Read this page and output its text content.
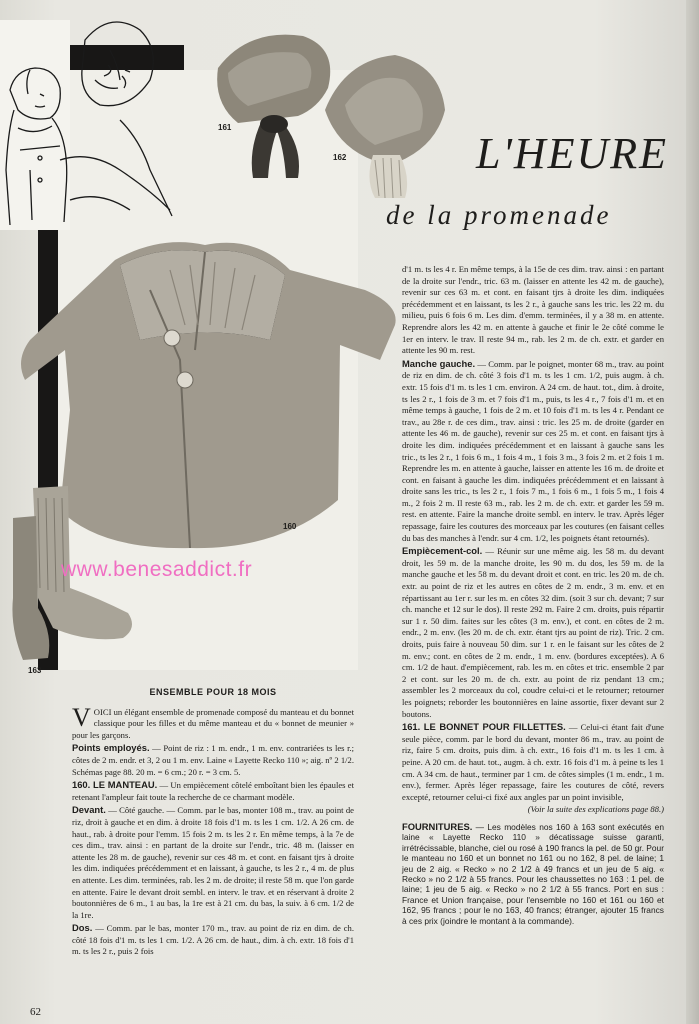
161
162
160
163
www.benesaddict.fr
L'HEURE
de la promenade

d'1 m. ts les 4 r. En même temps, à la 15e de ces dim. trav. ainsi : en partant de la droite sur l'endr., tric. 63 m. (laisser en attente les 42 m. de gauche), revenir sur ces 63 m. et cont. en faisant tjrs à droite les dim. indiquées précédemment et en laissant, ts les 2 r., à gauche sans les tric. les 22 m. du milieu, puis 6 fois 6 m. Les dim. d'emm. terminées, il y a 38 m. en attente. Reprendre alors les 42 m. en attente à gauche et finir le 2e côté comme le 1er en interv. le trav. Il reste 94 m., rab. les 2 m. de ch. extr. et garder en attente les 90 m. rest.

Manche gauche. — Comm. par le poignet, monter 68 m., trav. au point de riz en dim. de ch. côté 3 fois d'1 m. ts les 1 cm. 1/2, puis augm. à ch. extr. 15 fois d'1 m. ts les 1 cm. environ. A 24 cm. de haut. tot., dim. à droite, ts les 2 r., 1 fois de 3 m. et 7 fois d'1 m., puis, ts les 4 r., 7 fois d'1 m. et en même temps à gauche, 1 fois de 2 m. et 10 fois d'1 m. ts les 4 r. Pendant ce trav., au 28e r. de ces dim., trav. ainsi : tric. les 25 m. de droite (garder en attente les 46 m. de gauche), revenir sur ces 25 m. et cont. en faisant tjrs à droite les dim. indiquées précédemment et en laissant à gauche sans les tric., ts les 2 r., 1 fois 6 m., 1 fois 4 m., 1 fois 3 m., 3 fois 2 m. et 2 fois 1 m. Reprendre les m. en attente à gauche, laisser en attente les 16 m. de droite et cont. en faisant à gauche les dim. indiquées précédemment et en laissant à droite sans les tric., ts les 2 r., 1 fois 7 m., 1 fois 6 m., 1 fois 5 m., 1 fois 4 m., 2 fois 2 m. Il reste 63 m., rab. les 2 m. de ch. extr. et garder les 59 m. rest. en attente. Faire la manche droite sembl. en interv. le trav. Après léger repassage, faire les coutures des morceaux par les coutures (en faisant celles du bas des manches à l'endr. sur 4 cm. 1/2, les poignets étant retournés).

Empiècement-col. — Réunir sur une même aig. les 58 m. du devant droit, les 59 m. de la manche droite, les 90 m. du dos, les 59 m. de la manche gauche et les 58 m. du devant droit et cont. en tric. les 20 m. de ch. extr. au point de riz et les autres en côtes de 2 m. endr., 3 m. env. et en répartissant au 1er r. sur les m. en côtes 32 dim. (soit 3 sur ch. devant; 7 sur ch. manche et 12 sur le dos). Il reste 292 m. Faire 2 cm. droits, puis répartir sur 1 r. 50 dim. faites sur les côtes (3 m. env.), et cont. en côtes de 2 m. endr., 2 m. env. (les 20 m. de ch. extr. étant tjrs au point de riz). Tric. 2 cm. droits, puis faire à nouveau 50 dim. sur 1 r. en le faisant sur les côtes de 2 m. env.; cont. en côtes de 2 m. endr., 1 m. env. (bordures exceptées). A 6 cm. 1/2 de haut. d'empiècement, rab. les m. en côtes et tric. ensemble 2 par 2 et cont. sur les 20 m. de ch. extr. au point de riz pendant 13 cm.; assembler les 2 morceaux du col, coudre celui-ci et le retourner; retourner les poignets; reborder les boutonnières en laine assortie, fixer devant sur 2 boutons.

161. LE BONNET POUR FILLETTES. — Celui-ci étant fait d'une seule pièce, comm. par le bord du devant, monter 86 m., trav. au point de riz, faire 5 cm. droits, puis dim. à ch. extr., 16 fois d'1 m. ts les 1 cm. à peine. A 20 cm. de haut. tot., augm. à ch. extr. 16 fois d'1 m. à peine ts les 1 cm. A 34 cm. de haut., terminer par 1 cm. de côtes simples (1 m. endr., 1 m. env.), fermer. Après léger repassage, faire les coutures de côté, revers excepté, retourner celui-ci fixé aux angles par un point invisible,

(Voir la suite des explications page 88.)

FOURNITURES. — Les modèles nos 160 à 163 sont exécutés en laine « Layette Recko 110 » décatissage suisse garanti, irrétrécissable, blanche, ciel ou rosé à 190 francs la pel. de 50 gr. Pour le manteau no 160 et un bonnet no 161 ou no 162, 8 pel. de laine; 1 jeu de 2 aig. « Recko » no 2 1/2 à 49 francs et un jeu de 5 aig. « Recko » no 2 1/2 à 55 francs. Pour les chaussettes no 163 : 1 pel. de laine; 1 jeu de 5 aig. « Recko » no 2 1/2 à 55 francs. Port en sus : France et Union française, pour l'ensemble no 160 et 161 ou 160 et 162, 95 francs ; pour le no 163, 40 francs; étranger, ajouter 15 francs à ces prix (joindre le montant à la commande).

ENSEMBLE POUR 18 MOIS

VOICI un élégant ensemble de promenade composé du manteau et du bonnet classique pour les filles et du même manteau et du « bonnet de meunier » pour les garçons.

Points employés. — Point de riz : 1 m. endr., 1 m. env. contrariées ts les r.; côtes de 2 m. endr. et 3, 2 ou 1 m. env. Laine « Layette Recko 110 »; aig. nº 2 1/2. Schémas page 88. 20 m. = 6 cm.; 20 r. = 3 cm. 5.

160. LE MANTEAU. — Un empiècement côtelé emboîtant bien les épaules et retenant l'ampleur fait toute la recherche de ce charmant modèle.

Devant. — Côté gauche. — Comm. par le bas, monter 108 m., trav. au point de riz, droit à gauche et en dim. à droite 18 fois d'1 m. ts les 1 cm. 1/2. A 26 cm. de haut., rab. à droite pour l'emm. 15 fois 2 m. ts les 2 r. En même temps, à la 7e de ces dim., trav. ainsi : en partant de la droite sur l'endr., tric. 48 m. (laisser en attente les 28 m. de gauche), revenir sur ces 48 m. et cont. en faisant tjrs à droite les dim. indiquées précédemment et en laissant, à gauche, ts les 2 r., 4 m. de plus en attente. Les dim. terminées, rab. les 2 m. de droite; il reste 58 m. que l'on garde en attente. Faire le devant droit sembl. en interv. le trav. et en réservant à droite 2 boutonnières de 6 m., 1 au bas, la 1re est à 21 cm. du bas, la suiv. à 6 cm. 1/2 de la 1re.

Dos. — Comm. par le bas, monter 170 m., trav. au point de riz en dim. de ch. côté 18 fois d'1 m. ts les 1 cm. 1/2. A 26 cm. de haut., dim. à ch. extr. 18 fois d'1 m. ts les 2 r., puis 2 fois

62
